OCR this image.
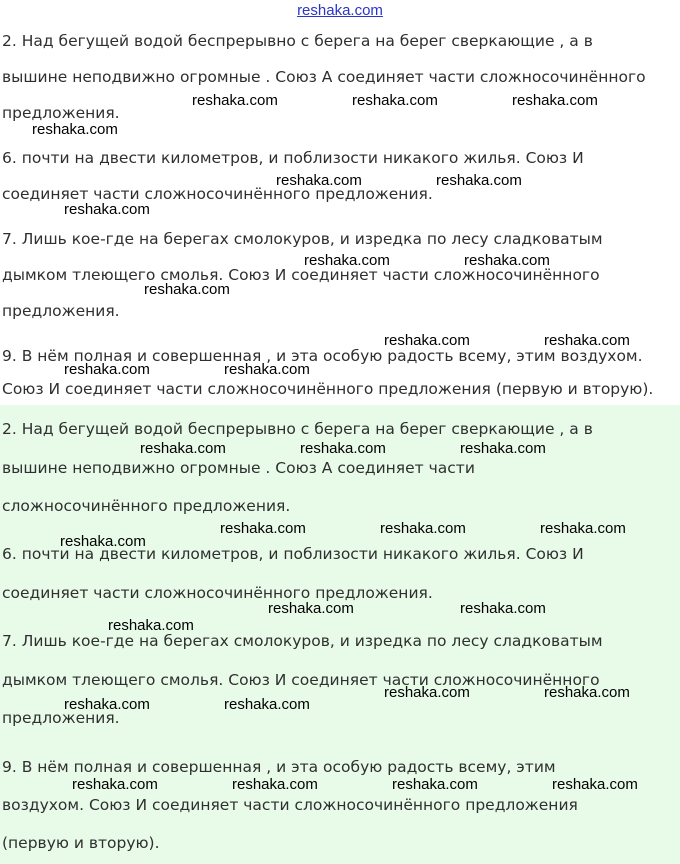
reshaka.com
2. Над бегущей водой беспрерывно с берега на берег сверкающие , а в
вышине неподвижно огромные . Союз А соединяет части сложносочинённого
предложения.
6. почти на двести километров, и поблизости никакого жилья. Союз И
соединяет части сложносочинённого предложения.
7. Лишь кое-где на берегах смолокуров, и изредка по лесу сладковатым
дымком тлеющего смолья. Союз И соединяет части сложносочинённого
предложения.
9. В нём полная и совершенная , и эта особую радость всему, этим воздухом.
Союз И соединяет части сложносочинённого предложения (первую и вторую).
2. Над бегущей водой беспрерывно с берега на берег сверкающие , а в
вышине неподвижно огромные . Союз А соединяет части
сложносочинённого предложения.
6. почти на двести километров, и поблизости никакого жилья. Союз И
соединяет части сложносочинённого предложения.
7. Лишь кое-где на берегах смолокуров, и изредка по лесу сладковатым
дымком тлеющего смолья. Союз И соединяет части сложносочинённого
предложения.
9. В нём полная и совершенная , и эта особую радость всему, этим
воздухом. Союз И соединяет части сложносочинённого предложения
(первую и вторую).
reshaka.com	reshaka.com	reshaka.com
reshaka.com
reshaka.com	reshaka.com
reshaka.com
reshaka.com	reshaka.com
reshaka.com
reshaka.com	reshaka.com
reshaka.com	reshaka.com
reshaka.com	reshaka.com	reshaka.com
reshaka.com	reshaka.com	reshaka.com
reshaka.com
reshaka.com	reshaka.com
reshaka.com
reshaka.com	reshaka.com
reshaka.com	reshaka.com
reshaka.com	reshaka.com	reshaka.com	reshaka.com
